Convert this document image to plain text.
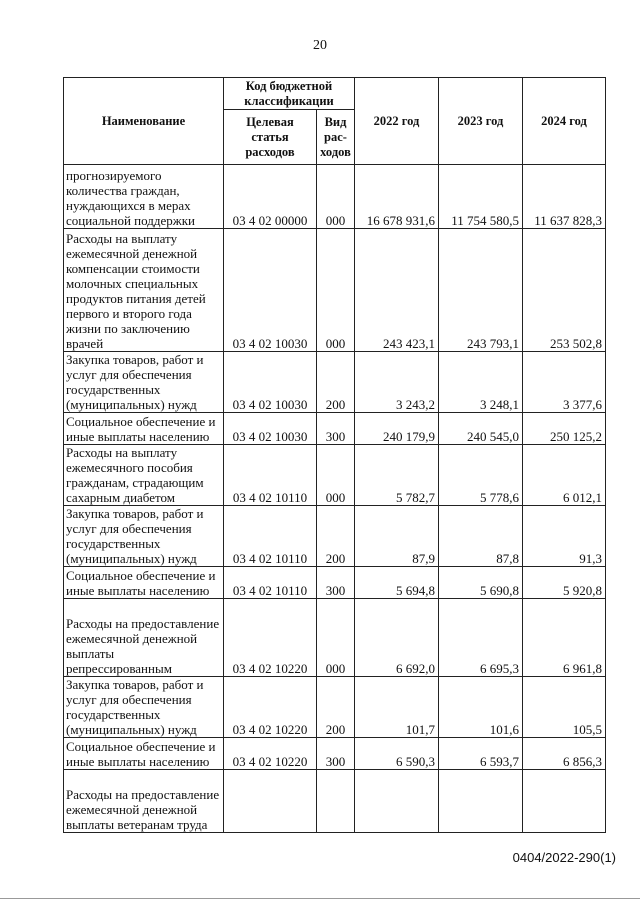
20
Наименование	Код бюджетной классификации		2022 год	2023 год	2024 год
	Целевая статья расходов	Вид рас-ходов			
прогнозируемого количества граждан, нуждающихся в мерах социальной поддержки	03 4 02 00000	000	16 678 931,6	11 754 580,5	11 637 828,3
Расходы на выплату ежемесячной денежной компенсации стоимости молочных специальных продуктов питания детей первого и второго года жизни по заключению врачей	03 4 02 10030	000	243 423,1	243 793,1	253 502,8
Закупка товаров, работ и услуг для обеспечения государственных (муниципальных) нужд	03 4 02 10030	200	3 243,2	3 248,1	3 377,6
Социальное обеспечение и иные выплаты населению	03 4 02 10030	300	240 179,9	240 545,0	250 125,2
Расходы на выплату ежемесячного пособия гражданам, страдающим сахарным диабетом	03 4 02 10110	000	5 782,7	5 778,6	6 012,1
Закупка товаров, работ и услуг для обеспечения государственных (муниципальных) нужд	03 4 02 10110	200	87,9	87,8	91,3
Социальное обеспечение и иные выплаты населению	03 4 02 10110	300	5 694,8	5 690,8	5 920,8
Расходы на предоставление ежемесячной денежной выплаты репрессированным	03 4 02 10220	000	6 692,0	6 695,3	6 961,8
Закупка товаров, работ и услуг для обеспечения государственных (муниципальных) нужд	03 4 02 10220	200	101,7	101,6	105,5
Социальное обеспечение и иные выплаты населению	03 4 02 10220	300	6 590,3	6 593,7	6 856,3
Расходы на предоставление ежемесячной денежной выплаты ветеранам труда					
0404/2022-290(1)
